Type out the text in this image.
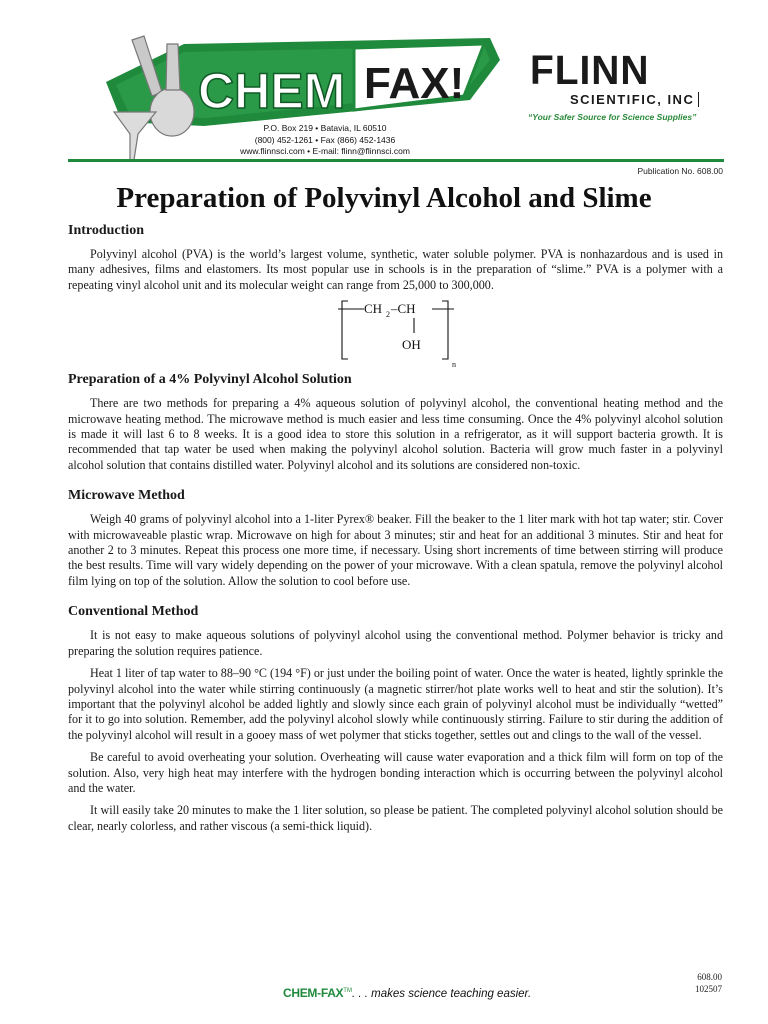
CHEM FAX!
P.O. Box 219 • Batavia, IL 60510
(800) 452-1261 • Fax (866) 452-1436
www.flinnsci.com • E-mail: flinn@flinnsci.com
FLINN
SCIENTIFIC, INC
“Your Safer Source for Science Supplies”
Publication No. 608.00
Preparation of Polyvinyl Alcohol and Slime
Introduction

Polyvinyl alcohol (PVA) is the world’s largest volume, synthetic, water soluble polymer. PVA is nonhazardous and is used in many adhesives, films and elastomers. Its most popular use in schools is in the preparation of “slime.” PVA is a polymer with a repeating vinyl alcohol unit and its molecular weight can range from 25,000 to 300,000.

CH 2 –CH
OH
n
Preparation of a 4% Polyvinyl Alcohol Solution

There are two methods for preparing a 4% aqueous solution of polyvinyl alcohol, the conventional heating method and the microwave heating method. The microwave method is much easier and less time consuming. Once the 4% polyvinyl alcohol solution is made it will last 6 to 8 weeks. It is a good idea to store this solution in a refrigerator, as it will support bacteria growth. It is recommended that tap water be used when making the polyvinyl alcohol solution. Bacteria will grow much faster in a polyvinyl alcohol solution that contains distilled water. Polyvinyl alcohol and its solutions are considered non-toxic.

Microwave Method

Weigh 40 grams of polyvinyl alcohol into a 1-liter Pyrex® beaker. Fill the beaker to the 1 liter mark with hot tap water; stir. Cover with microwaveable plastic wrap. Microwave on high for about 3 minutes; stir and heat for an additional 3 minutes. Stir and heat for another 2 to 3 minutes. Repeat this process one more time, if necessary. Using short increments of time between stirring will produce the best results. Time will vary widely depending on the power of your microwave. With a clean spatula, remove the polyvinyl alcohol film lying on top of the solution. Allow the solution to cool before use.

Conventional Method

It is not easy to make aqueous solutions of polyvinyl alcohol using the conventional method. Polymer behavior is tricky and preparing the solution requires patience.

Heat 1 liter of tap water to 88–90 °C (194 °F) or just under the boiling point of water. Once the water is heated, lightly sprinkle the polyvinyl alcohol into the water while stirring continuously (a magnetic stirrer/hot plate works well to heat and stir the solution). It’s important that the polyvinyl alcohol be added lightly and slowly since each grain of polyvinyl alcohol must be individually “wetted” for it to go into solution. Remember, add the polyvinyl alcohol slowly while continuously stirring. Failure to stir during the addition of the polyvinyl alcohol will result in a gooey mass of wet polymer that sticks together, settles out and clings to the wall of the vessel.

Be careful to avoid overheating your solution. Overheating will cause water evaporation and a thick film will form on top of the solution. Also, very high heat may interfere with the hydrogen bonding interaction which is occurring between the polyvinyl alcohol and the water.

It will easily take 20 minutes to make the 1 liter solution, so please be patient. The completed polyvinyl alcohol solution should be clear, nearly colorless, and rather viscous (a semi-thick liquid).

608.00
102507
CHEM-FAX™. . . makes science teaching easier.
